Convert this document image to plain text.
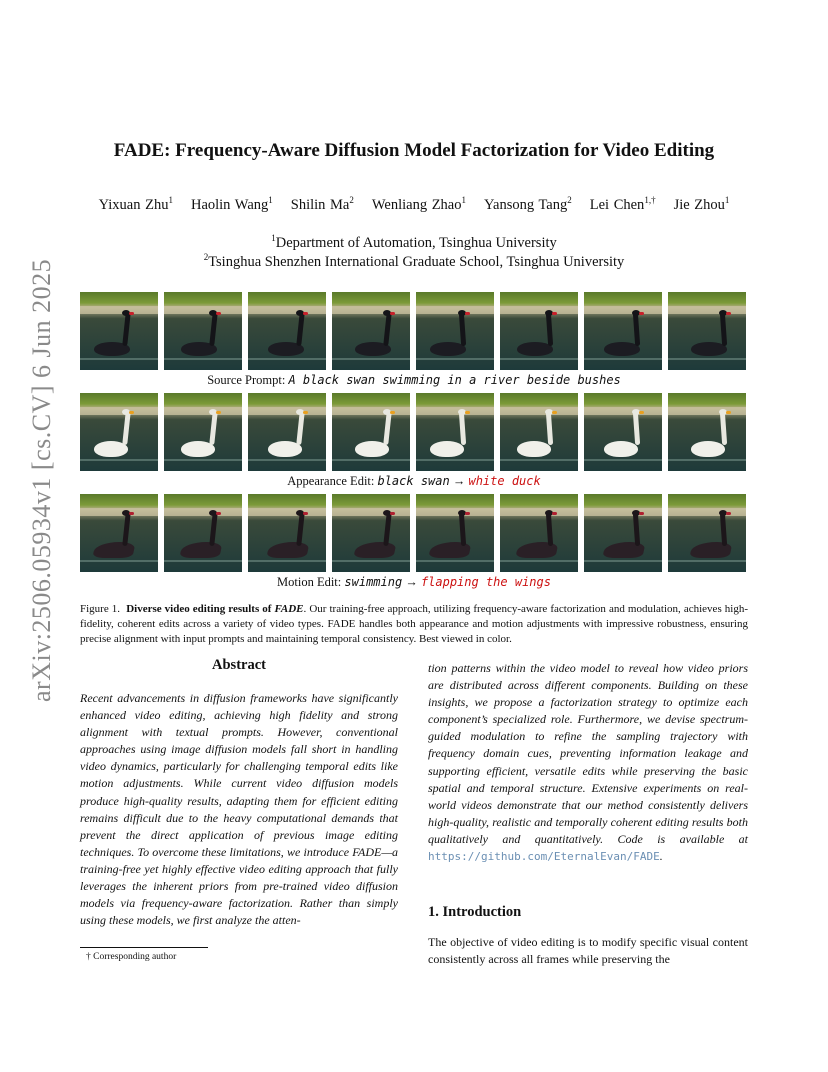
arXiv:2506.05934v1 [cs.CV] 6 Jun 2025
FADE: Frequency-Aware Diffusion Model Factorization for Video Editing
Yixuan Zhu$^1$ Haolin Wang$^1$ Shilin Ma$^2$ Wenliang Zhao$^1$ Yansong Tang$^2$ Lei Chen$^{1,\dagger}$ Jie Zhou$^1$
$^1$Department of Automation, Tsinghua University
$^2$Tsinghua Shenzhen International Graduate School, Tsinghua University
Source Prompt: A black swan swimming in a river beside bushes
Appearance Edit: black swan → white duck
Motion Edit: swimming → flapping the wings
Figure 1. Diverse video editing results of FADE. Our training-free approach, utilizing frequency-aware factorization and modulation, achieves high-fidelity, coherent edits across a variety of video types. FADE handles both appearance and motion adjustments with impressive robustness, ensuring precise alignment with input prompts and maintaining temporal consistency. Best viewed in color.
Abstract
Recent advancements in diffusion frameworks have significantly enhanced video editing, achieving high fidelity and strong alignment with textual prompts. However, conventional approaches using image diffusion models fall short in handling video dynamics, particularly for challenging temporal edits like motion adjustments. While current video diffusion models produce high-quality results, adapting them for efficient editing remains difficult due to the heavy computational demands that prevent the direct application of previous image editing techniques. To overcome these limitations, we introduce FADE—a training-free yet highly effective video editing approach that fully leverages the inherent priors from pre-trained video diffusion models via frequency-aware factorization. Rather than simply using these models, we first analyze the atten-
tion patterns within the video model to reveal how video priors are distributed across different components. Building on these insights, we propose a factorization strategy to optimize each component’s specialized role. Furthermore, we devise spectrum-guided modulation to refine the sampling trajectory with frequency domain cues, preventing information leakage and supporting efficient, versatile edits while preserving the basic spatial and temporal structure. Extensive experiments on real-world videos demonstrate that our method consistently delivers high-quality, realistic and temporally coherent editing results both qualitatively and quantitatively. Code is available at https://github.com/EternalEvan/FADE.
1. Introduction
The objective of video editing is to modify specific visual content consistently across all frames while preserving the
† Corresponding author
